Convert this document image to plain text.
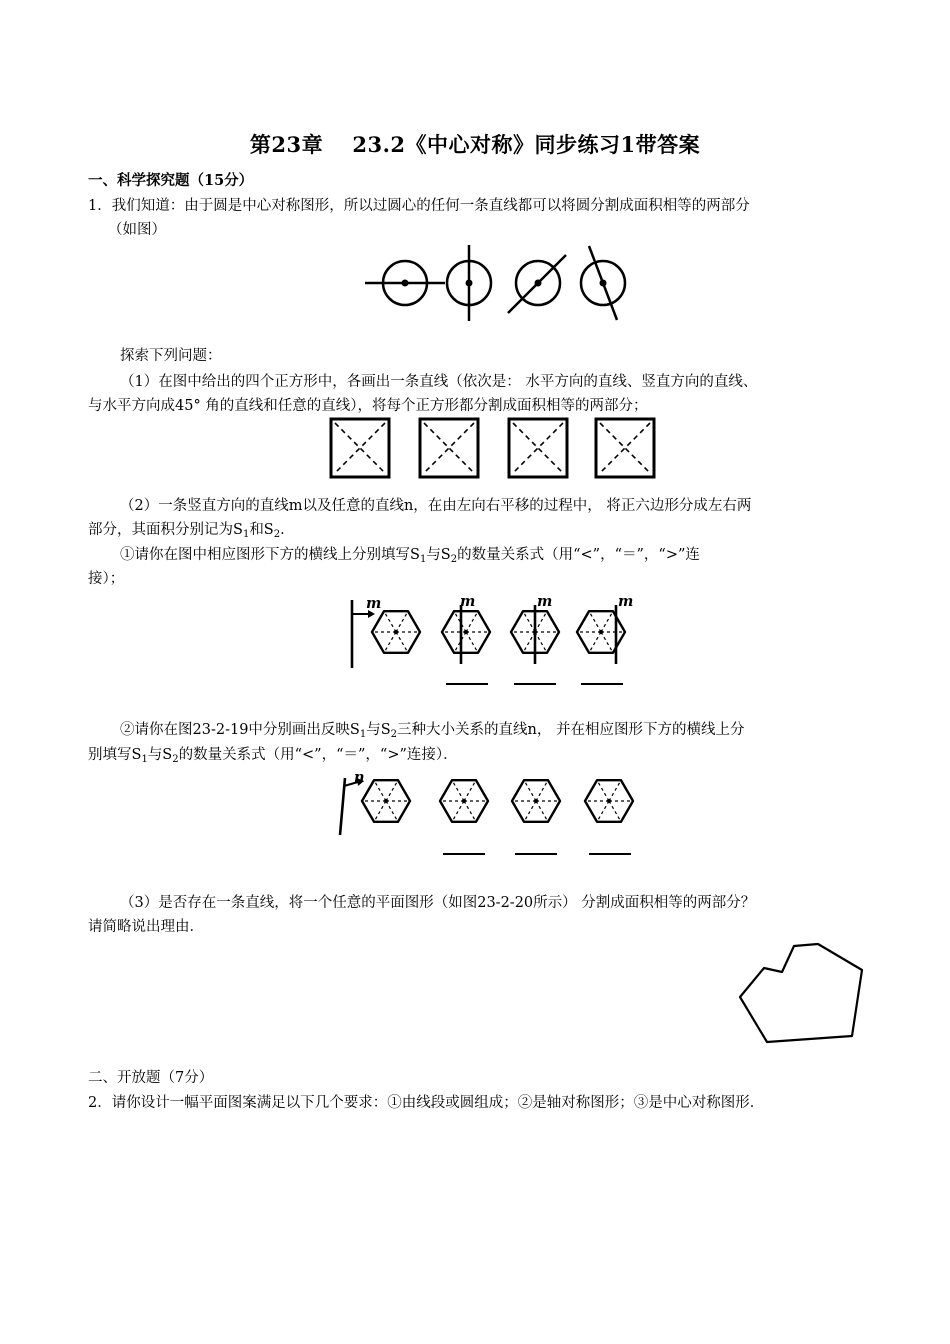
第23章　 23.2《中心对称》同步练习1带答案
一、科学探究题（15分）
1．我们知道：由于圆是中心对称图形，所以过圆心的任何一条直线都可以将圆分割成面积相等的两部分
（如图）
探索下列问题：
（1）在图中给出的四个正方形中，各画出一条直线（依次是： 水平方向的直线、竖直方向的直线、
与水平方向成45° 角的直线和任意的直线），将每个正方形都分割成面积相等的两部分；
（2）一条竖直方向的直线m以及任意的直线n，在由左向右平移的过程中， 将正六边形分成左右两
部分，其面积分别记为$S_1$和$S_2$．
①请你在图中相应图形下方的横线上分别填写$S_1$与$S_2$的数量关系式（用“<”，“＝”，“>”连
接）；
m	m	m	m
②请你在图23-2-19中分别画出反映$S_1$与$S_2$三种大小关系的直线n， 并在相应图形下方的横线上分
别填写$S_1$与$S_2$的数量关系式（用“<”，“＝”，“>”连接）．
n
（3）是否存在一条直线，将一个任意的平面图形（如图23-2-20所示） 分割成面积相等的两部分？
请简略说出理由．
二、开放题（7分）
2．请你设计一幅平面图案满足以下几个要求：①由线段或圆组成；②是轴对称图形；③是中心对称图形．
